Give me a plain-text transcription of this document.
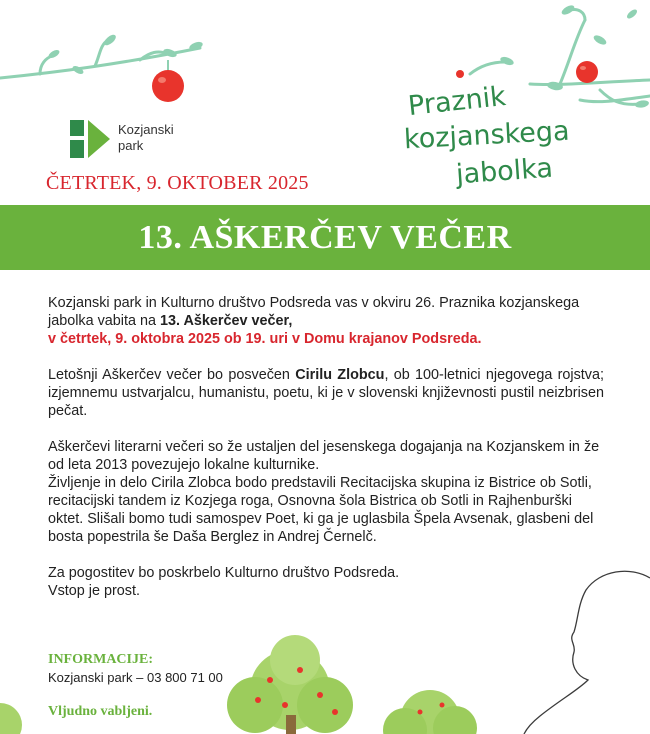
Kozjanski
park
ČETRTEK, 9. OKTOBER 2025
Praznik
kozjanskega
jabolka
13. AŠKERČEV VEČER

Kozjanski park in Kulturno društvo Podsreda vas v okviru 26. Praznika kozjanskega jabolka vabita na 13. Aškerčev večer,
v četrtek, 9. oktobra 2025 ob 19. uri v Domu krajanov Podsreda.

Letošnji Aškerčev večer bo posvečen Cirilu Zlobcu, ob 100-letnici njegovega rojstva; izjemnemu ustvarjalcu, humanistu, poetu, ki je v slovenski književnosti pustil neizbrisen pečat.

Aškerčevi literarni večeri so že ustaljen del jesenskega dogajanja na Kozjanskem in že od leta 2013 povezujejo lokalne kulturnike.
Življenje in delo Cirila Zlobca bodo predstavili Recitacijska skupina iz Bistrice ob Sotli, recitacijski tandem iz Kozjega roga, Osnovna šola Bistrica ob Sotli in Rajhenburški oktet. Slišali bomo tudi samospev Poet, ki ga je uglasbila Špela Avsenak, glasbeni del bosta popestrila še Daša Berglez in Andrej Černelč.

Za pogostitev bo poskrbelo Kulturno društvo Podsreda.
Vstop je prost.

INFORMACIJE:
Kozjanski park – 03 800 71 00
Vljudno vabljeni.
